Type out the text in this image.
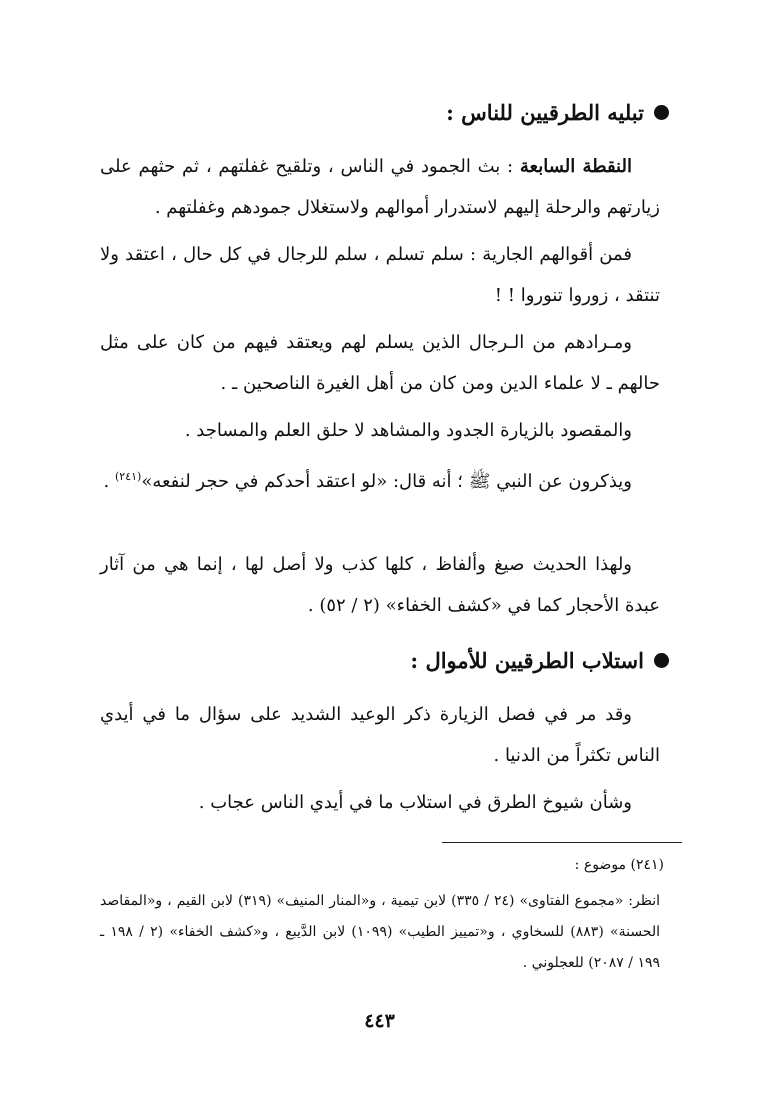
تبليه الطرقيين للناس :
النقطة السابعة : بث الجمود في الناس ، وتلقيح غفلتهم ، ثم حثهم على زيارتهم والرحلة إليهم لاستدرار أموالهم ولاستغلال جمودهم وغفلتهم .
فمن أقوالهم الجارية : سلم تسلم ، سلم للرجال في كل حال ، اعتقد ولا تنتقد ، زوروا تنوروا ! !
ومـرادهم من الـرجال الذين يسلم لهم ويعتقد فيهم من كان على مثل حالهم ـ لا علماء الدين ومن كان من أهل الغيرة الناصحين ـ .
والمقصود بالزيارة الجدود والمشاهد لا حلق العلم والمساجد .
ويذكرون عن النبي ﷺ ؛ أنه قال: «لو اعتقد أحدكم في حجر لنفعه»$^{(٢٤١)}$ .
ولهذا الحديث صيغ وألفاظ ، كلها كذب ولا أصل لها ، إنما هي من آثار عبدة الأحجار كما في «كشف الخفاء» (٢ / ٥٢) .
استلاب الطرقيين للأموال :
وقد مر في فصل الزيارة ذكر الوعيد الشديد على سؤال ما في أيدي الناس تكثراً من الدنيا .
وشأن شيوخ الطرق في استلاب ما في أيدي الناس عجاب .
(٢٤١) موضوع :
انظر: «مجموع الفتاوى» (٢٤ / ٣٣٥) لابن تيمية ، و«المنار المنيف» (٣١٩) لابن القيم ، و«المقاصد الحسنة» (٨٨٣) للسخاوي ، و«تمييز الطيب» (١٠٩٩) لابن الدَّيبع ، و«كشف الخفاء» (٢ / ١٩٨ ـ ١٩٩ / ٢٠٨٧) للعجلوني .
٤٤٣
